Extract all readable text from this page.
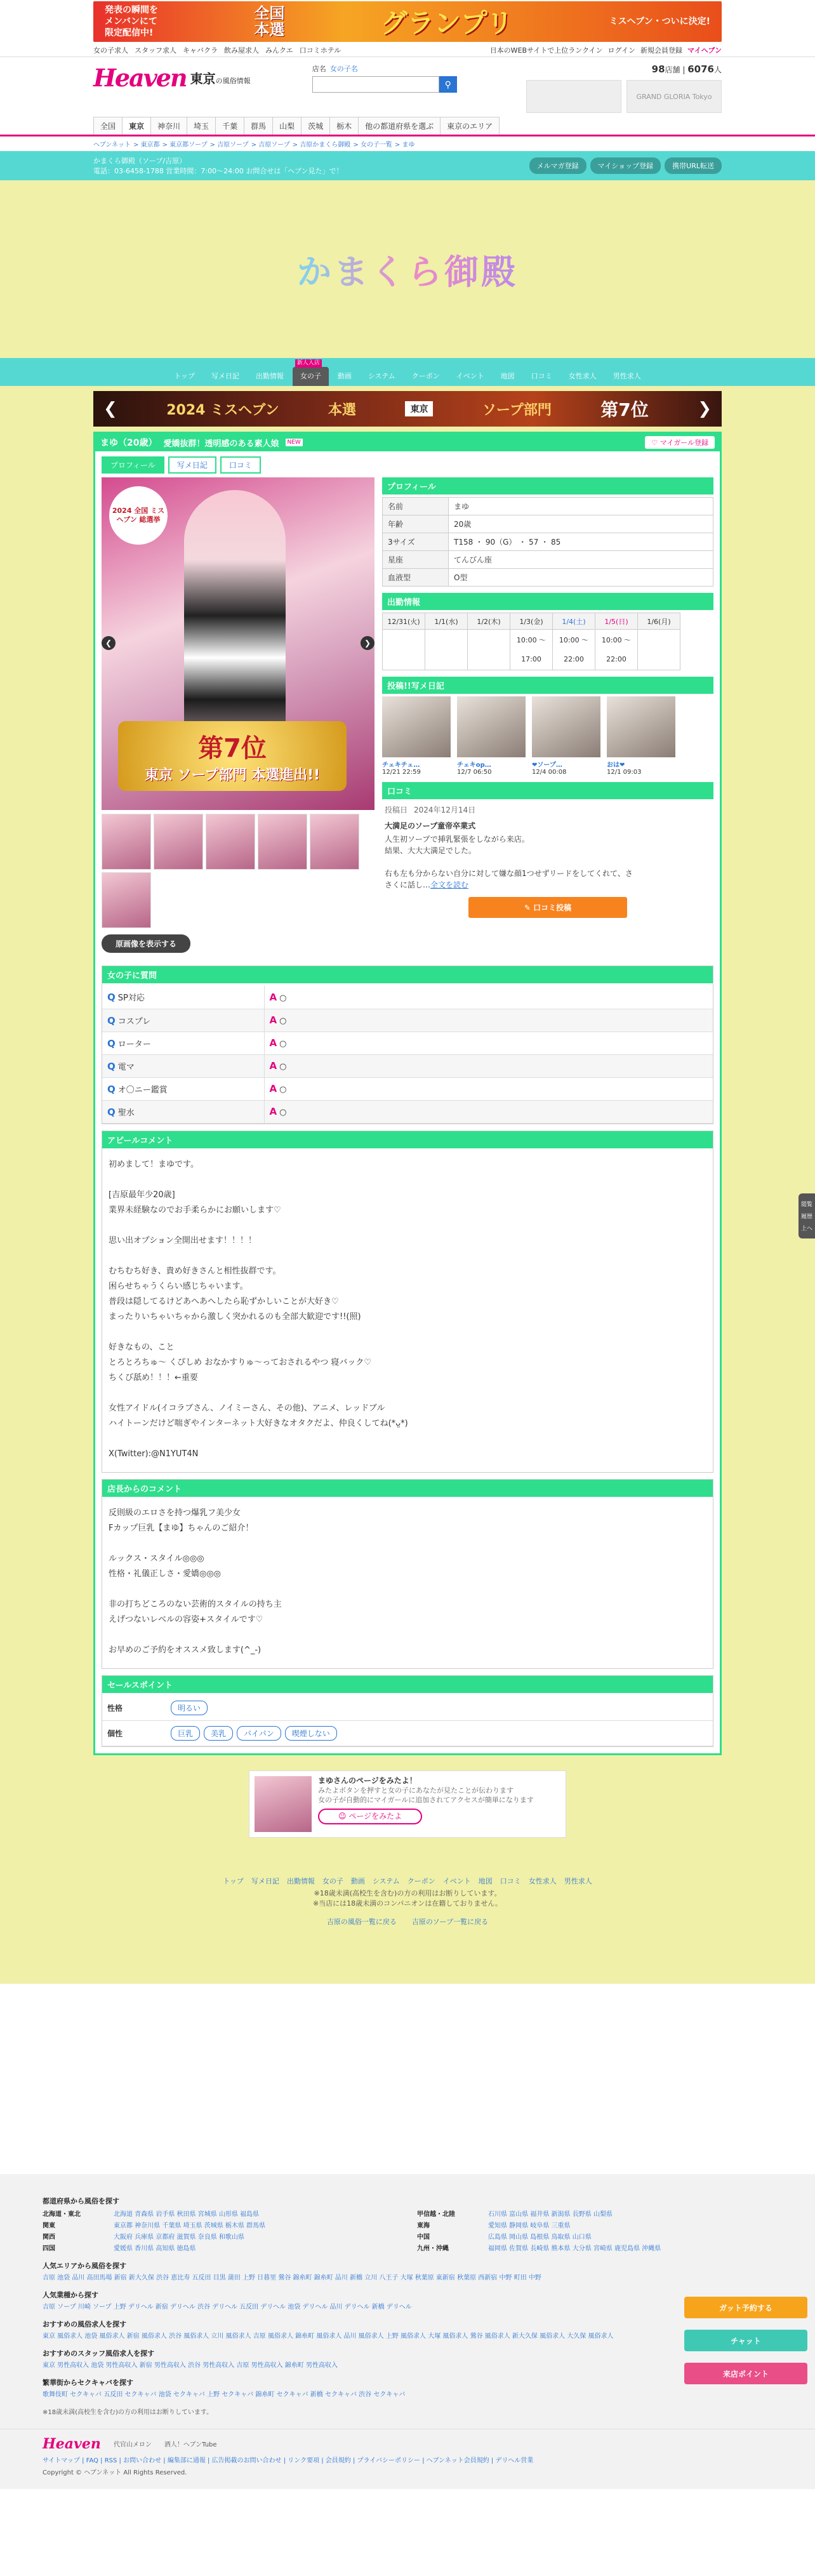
発表の瞬間を
メンバンにて
限定配信中!
全国
本選	グランプリ	ミスヘブン・ついに決定!
女の子求人 スタッフ求人 キャバクラ 飲み屋求人 みんクエ 口コミホテル	日本のWEBサイトで上位ランクイン ログイン 新規会員登録 マイヘブン
Heaven 東京の風俗情報
店名 女の子名
⚲
98店舗 | 6076人
GRAND GLORIA Tokyo
全国	東京	神奈川	埼玉	千葉	群馬	山梨	茨城	栃木	他の都道府県を選ぶ	東京のエリア
ヘブンネット > 東京都 > 東京都ソープ > 吉原ソープ > 吉原ソープ > 吉原かまくら御殿 > 女の子一覧 > まゆ
かまくら御殿（ソープ/吉原）
電話：03-6458-1788 営業時間：7:00〜24:00 お問合せは「ヘブン見た」で！
メルマガ登録	マイショップ登録	携帯URL転送
かまくら御殿
トップ	写メ日記	出勤情報
新人入店
女の子	動画	システム	クーポン	イベント	地図	口コミ	女性求人	男性求人
❮	2024 ミスヘブン	本選	東京	ソープ部門	第7位	❯
まゆ（20歳） 愛嬌抜群！透明感のある素人娘	NEW	♡ マイガール登録
プロフィール	写メ日記	口コミ
2024 全国 ミスヘブン 総選挙
第7位
東京 ソープ部門 本選進出!!
❮	❯
原画像を表示する
プロフィール
名前	まゆ
年齢	20歳
3サイズ	T158 ・ 90（G） ・ 57 ・ 85
星座	てんびん座
血液型	O型
出勤情報
12/31(火)	1/1(水)	1/2(木)	1/3(金)	1/4(土)	1/5(日)	1/6(月)
			10:00 〜 17:00	10:00 〜 22:00	10:00 〜 22:00	
投稿!!写メ日記
チェキチェ…
12/21 22:59
チェキop…
12/7 06:50
❤︎ソープ…
12/4 00:08
おは❤︎
12/1 09:03
口コミ
投稿日 2024年12月14日
大満足のソープ童帝卒業式
人生初ソープで挿乳緊張をしながら来店。
結果、大大大満足でした。

右も左も分からない自分に対して嫌な顔1つせずリードをしてくれて、さ
さくに話し…全文を読む
✎ 口コミ投稿
女の子に質問
Q SP対応	A ○
Q コスプレ	A ○
Q ローター	A ○
Q 電マ	A ○
Q オ〇ニー鑑賞	A ○
Q 聖水	A ○
アピールコメント
初めまして！まゆです。

[吉原最年少20歳]
業界未経験なのでお手柔らかにお願いします♡

思い出オプション全開出せます！！！！

むちむち好き、貴め好きさんと相性抜群です。
困らせちゃうくらい感じちゃいます。
普段は隠してるけどあへあへしたら恥ずかしいことが大好き♡
まったりいちゃいちゃから激しく突かれるのも全部大歓迎です!!(照)

好きなもの、こと
とろとろちゅ〜 くぴしめ おなかすりゅ〜っておされるやつ 寝バック♡
ちくび舐め！！！←重要

女性アイドル(イコラブさん、ノイミーさん、その他)、アニメ、レッドブル
ハイトーンだけど喘ぎやインターネット大好きなオタクだよ、仲良くしてね(*ᴗ̤*)

X(Twitter):@N1YUT4N
店長からのコメント
反則級のエロさを持つ爆乳フ美少女
Fカップ巨乳【まゆ】ちゃんのご紹介！

ルックス・スタイル◎◎◎
性格・礼儀正しさ・愛嬌◎◎◎

非の打ちどころのない芸術的スタイルの持ち主
えげつないレベルの容姿+スタイルです♡

お早めのご予約をオススメ致します(^_-)
セールスポイント
性格	明るい
個性	巨乳 美乳 パイパン 喫煙しない
まゆさんのページをみたよ！
みたよボタンを押すと女の子にあなたが見たことが伝わります
女の子が自動的にマイガールに追加されてアクセスが簡単になります
☺ ページをみたよ
トップ 写メ日記 出勤情報 女の子 動画 システム クーポン イベント 地図 口コミ 女性求人 男性求人
※18歳未満(高校生を含む)の方の利用はお断りしています。
※当店には18歳未満のコンパニオンは在籍しておりません。
吉原の風俗一覧に戻る 吉原のソープ一覧に戻る
都道府県から風俗を探す
北海道・東北	北海道 青森県 岩手県 秋田県 宮城県 山形県 福島県
関東	東京都 神奈川県 千葉県 埼玉県 茨城県 栃木県 群馬県
関西	大阪府 兵庫県 京都府 滋賀県 奈良県 和歌山県
四国	愛媛県 香川県 高知県 徳島県
甲信越・北陸	石川県 富山県 福井県 新潟県 長野県 山梨県
東海	愛知県 静岡県 岐阜県 三重県
中国	広島県 岡山県 島根県 鳥取県 山口県
九州・沖縄	福岡県 佐賀県 長崎県 熊本県 大分県 宮崎県 鹿児島県 沖縄県
人気エリアから風俗を探す
吉原 池袋 品川 高田馬場 新宿 新大久保 渋谷 恵比寿 五反田 目黒 蒲田 上野 日暮里 鶯谷 錦糸町 錦糸町 品川 新橋 立川 八王子 大塚 秋葉原 東新宿 秋葉原 西新宿 中野 町田 中野
人気業種から探す
吉原 ソープ 川崎 ソープ 上野 デリヘル 新宿 デリヘル 渋谷 デリヘル 五反田 デリヘル 池袋 デリヘル 品川 デリヘル 新橋 デリヘル
おすすめの風俗求人を探す
東京 風俗求人 池袋 風俗求人 新宿 風俗求人 渋谷 風俗求人 立川 風俗求人 吉原 風俗求人 錦糸町 風俗求人 品川 風俗求人 上野 風俗求人 大塚 風俗求人 鶯谷 風俗求人 新大久保 風俗求人 大久保 風俗求人
おすすめのスタッフ風俗求人を探す
東京 男性高収入 池袋 男性高収入 新宿 男性高収入 渋谷 男性高収入 吉原 男性高収入 錦糸町 男性高収入
繁華街からセクキャバを探す
歌舞伎町 セクキャバ 五反田 セクキャバ 池袋 セクキャバ 上野 セクキャバ 錦糸町 セクキャバ 新橋 セクキャバ 渋谷 セクキャバ
※18歳未満(高校生を含む)の方の利用はお断りしています。
Heaven 代官山メロン 酒人！ヘブンTube
サイトマップ | FAQ | RSS | お問い合わせ | 編集部に通報 | 広告掲載のお問い合わせ | リンク要項 | 会員規約 | プライバシーポリシー | ヘブンネット会員規約 | デリヘル営業
Copyright © ヘブンネット All Rights Reserved.
ガット予約する
チャット
来店ポイント
閲覧
履歴
上へ
